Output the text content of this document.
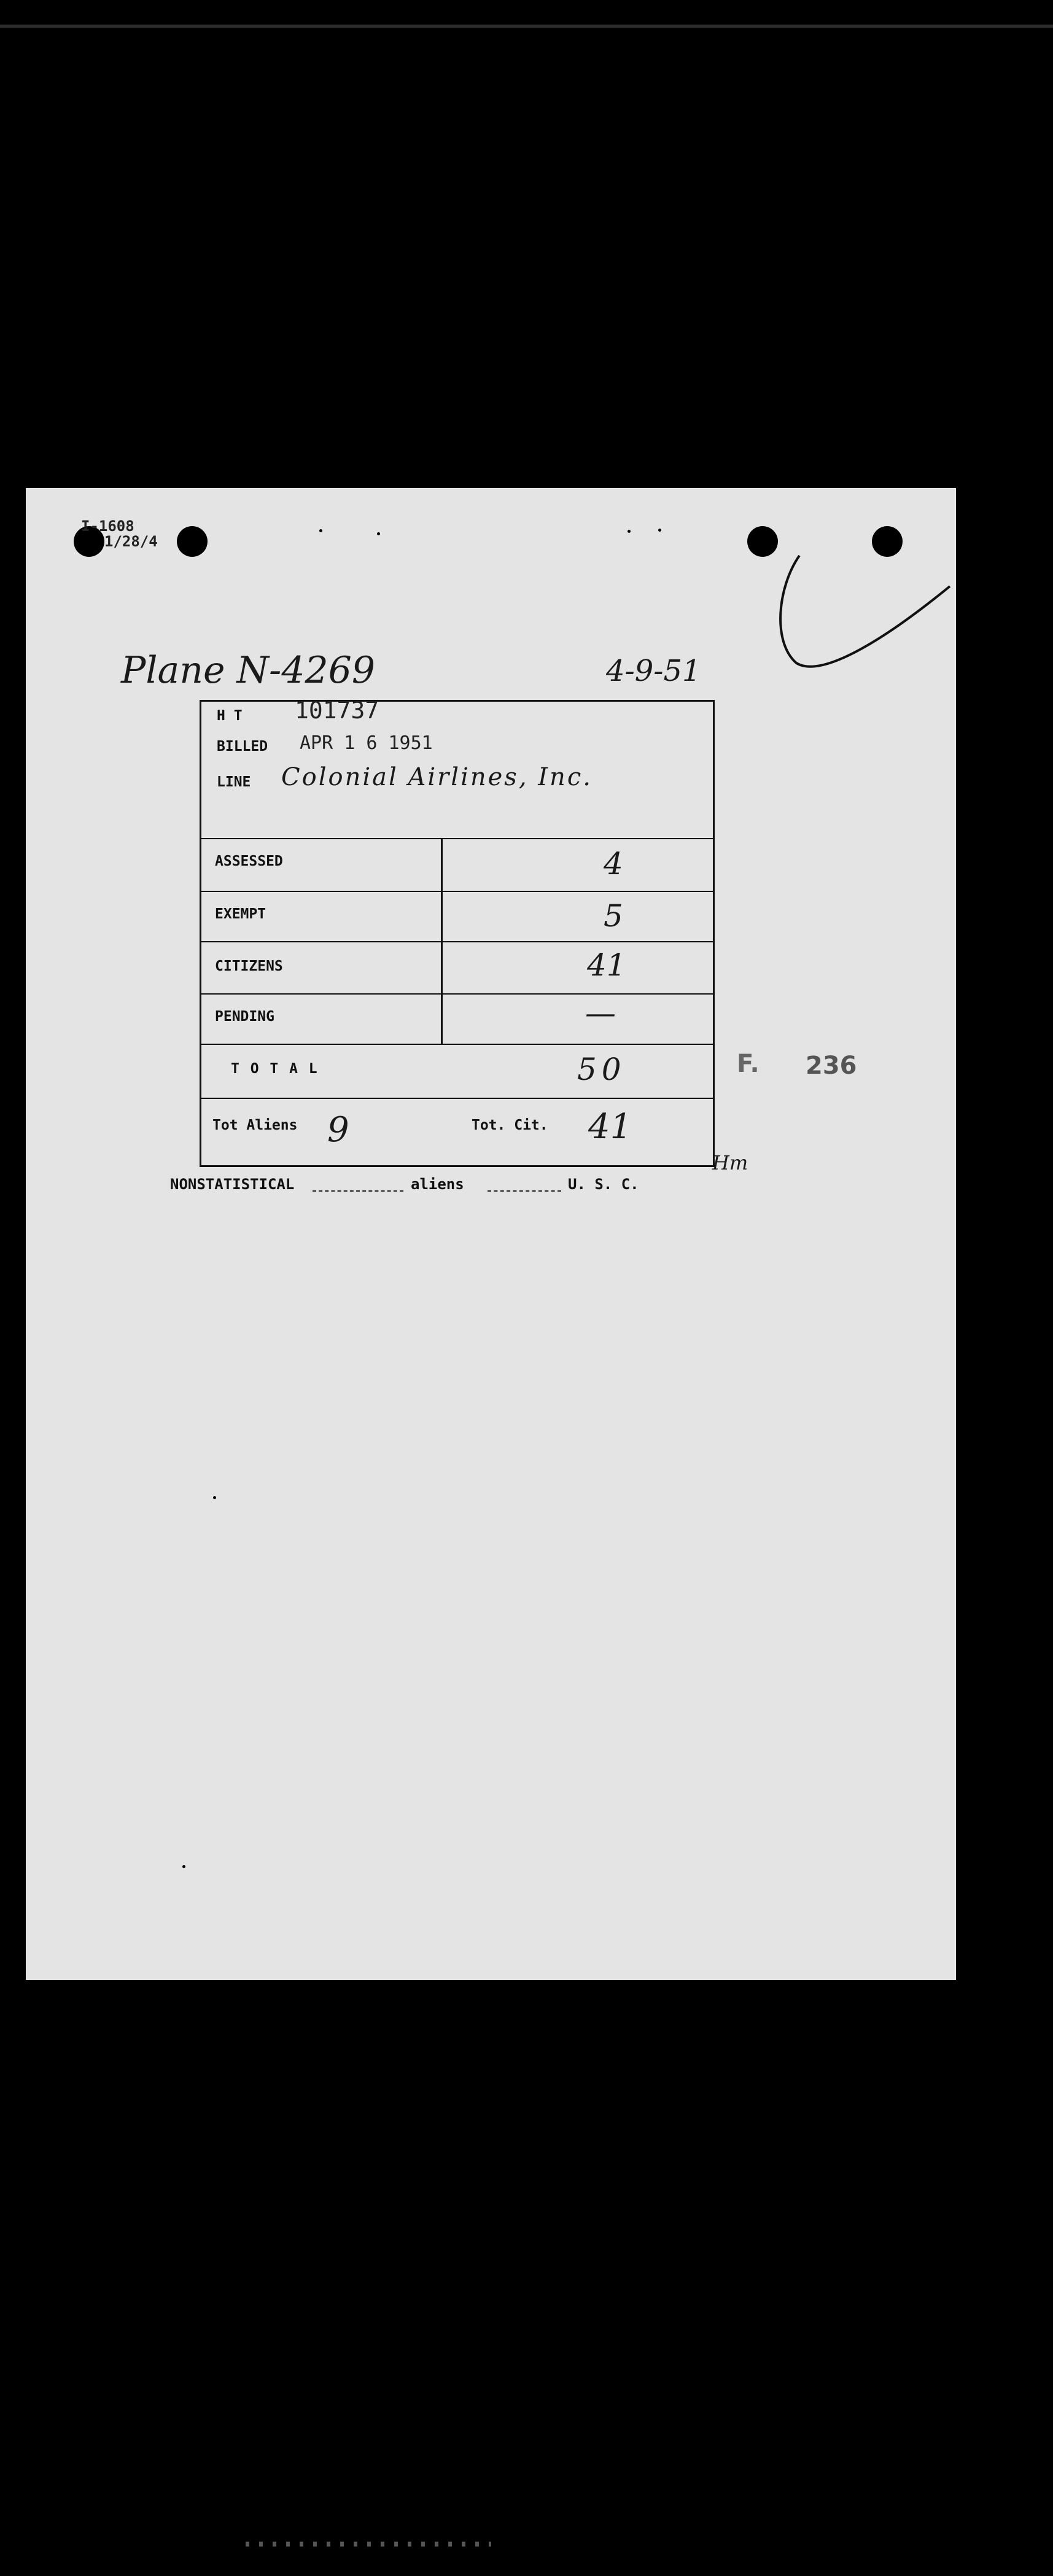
I-1608
1/28/4
Plane N-4269	4-9-51
H T 101737
BILLED APR 1 6 1951
LINE Colonial Airlines, Inc.
ASSESSED	4
EXEMPT	5
CITIZENS	41
PENDING	—
T O T A L	50
Tot Aliens 9	Tot. Cit. 41
Hm
F. 236
NONSTATISTICAL	aliens	U. S. C.
